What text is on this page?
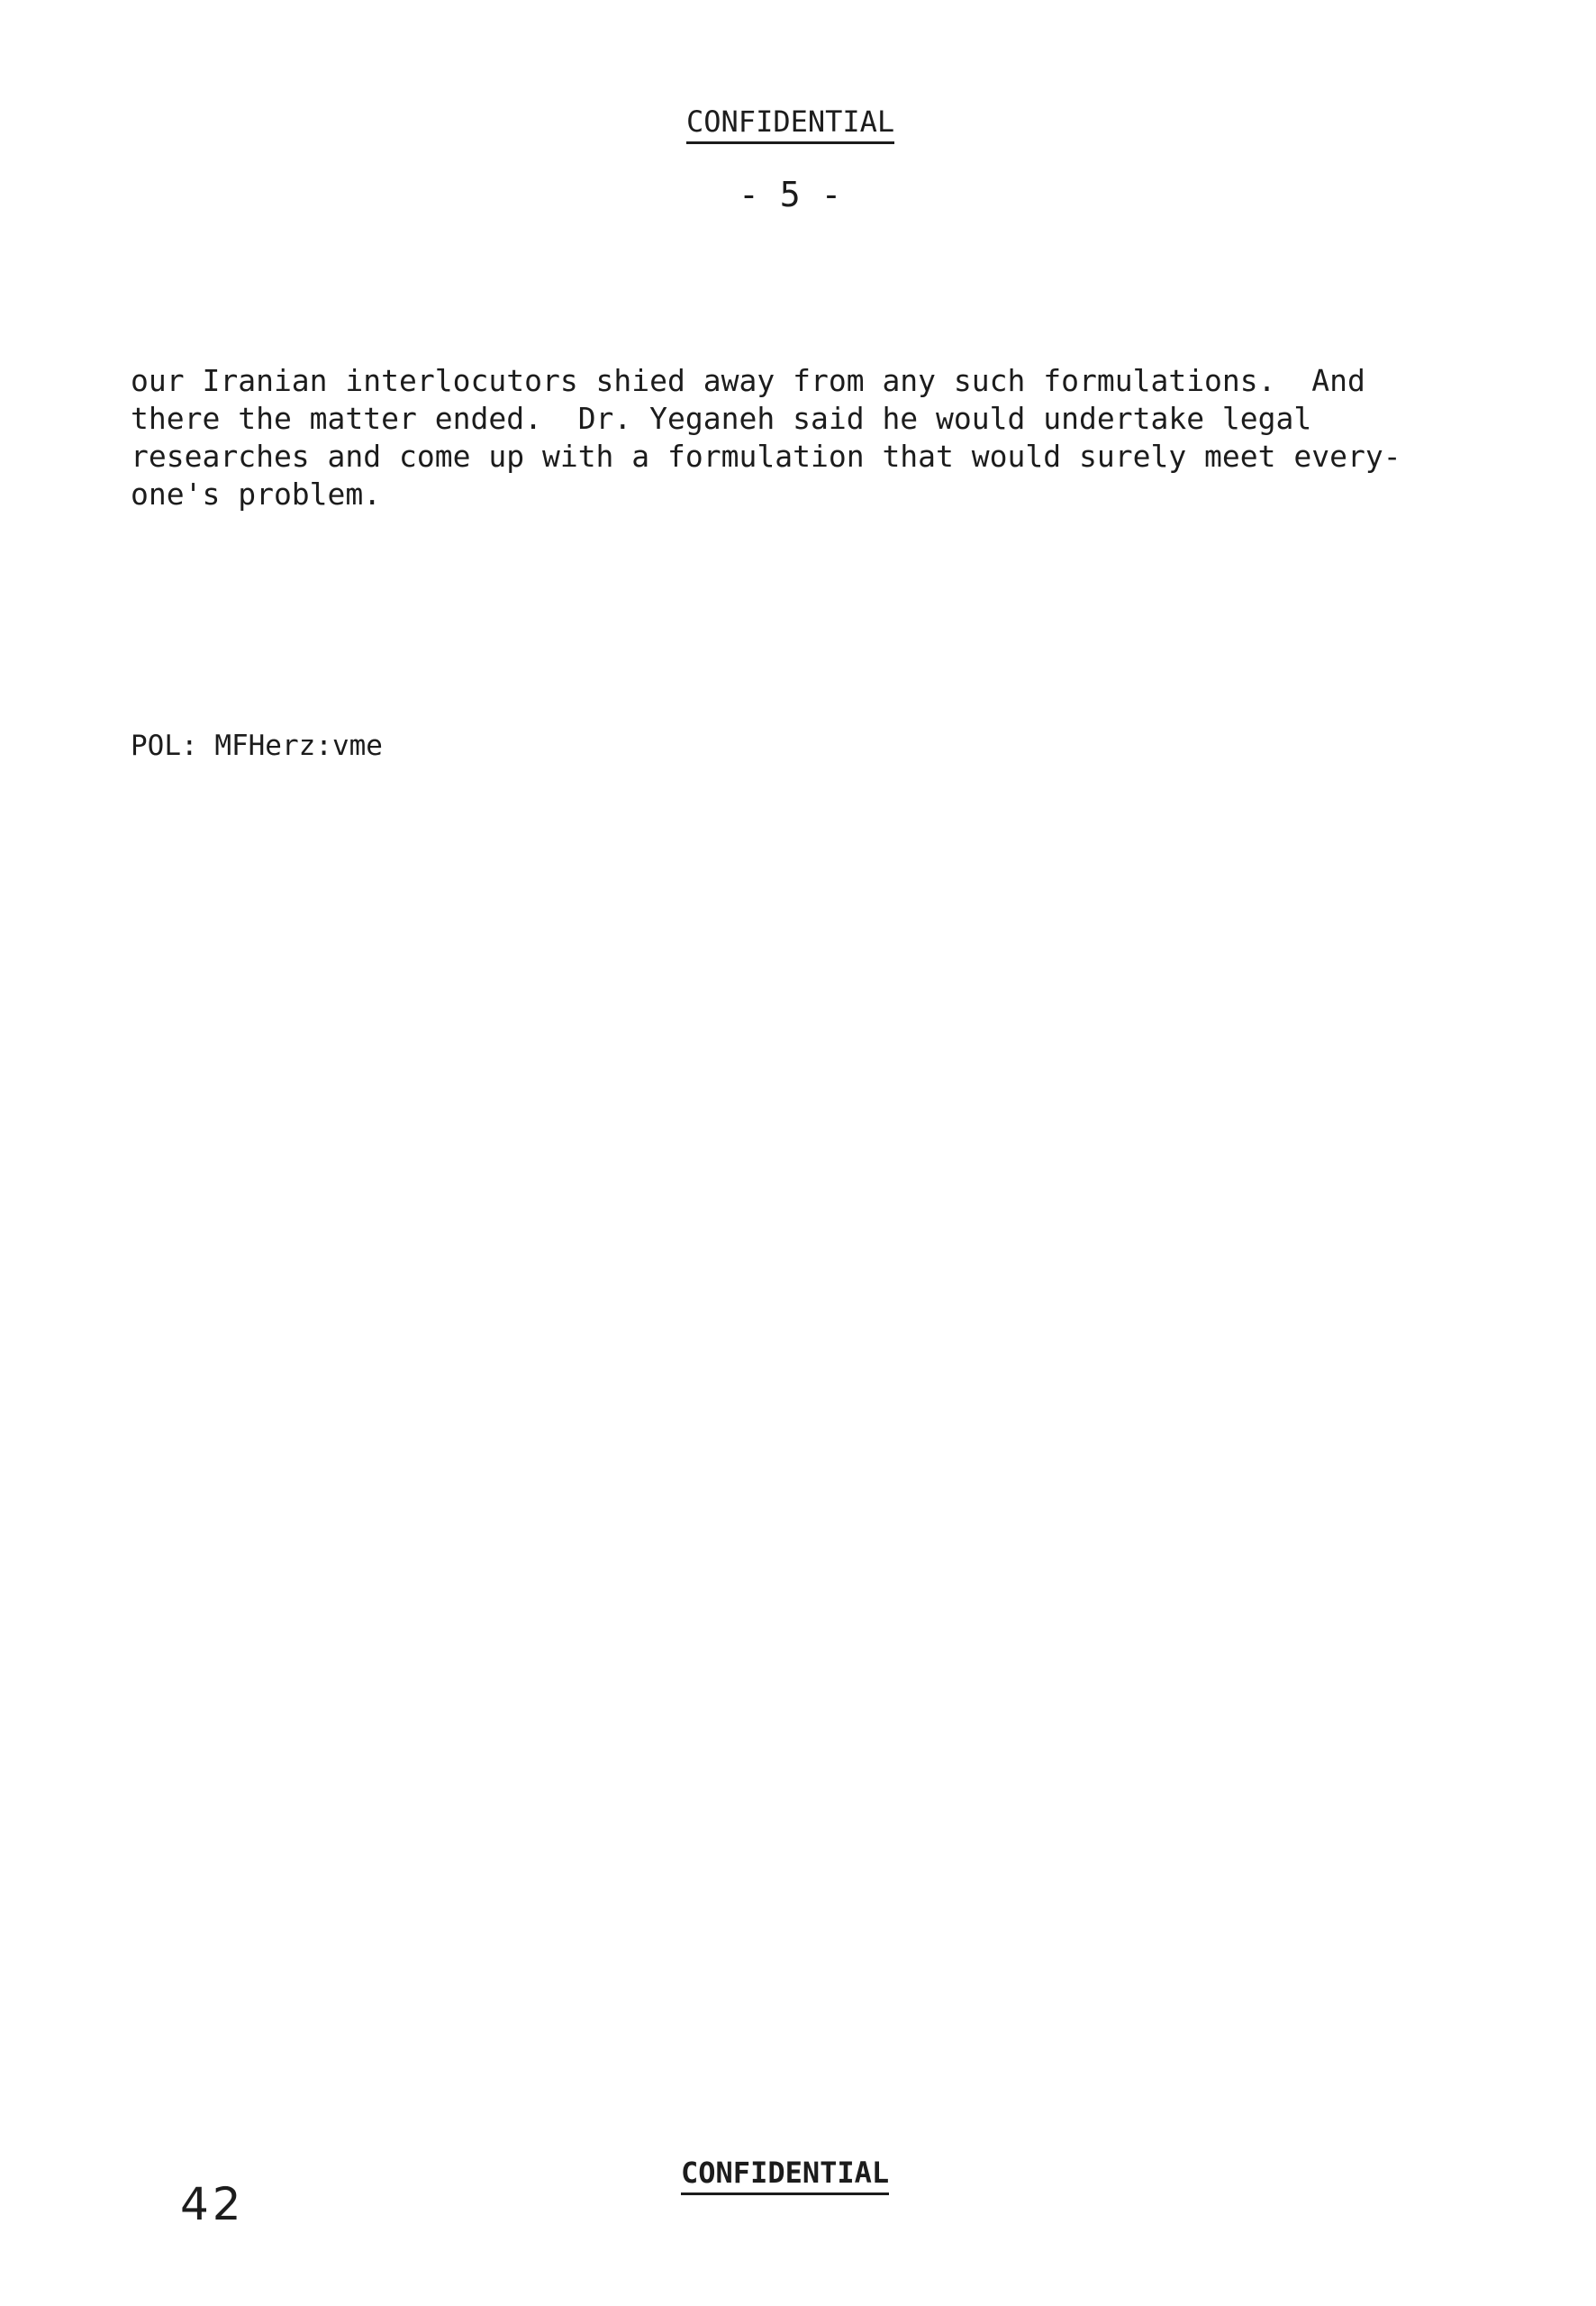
CONFIDENTIAL
- 5 -
our Iranian interlocutors shied away from any such formulations.  And
there the matter ended.  Dr. Yeganeh said he would undertake legal
researches and come up with a formulation that would surely meet every-
one's problem.
POL: MFHerz:vme
42
CONFIDENTIAL
